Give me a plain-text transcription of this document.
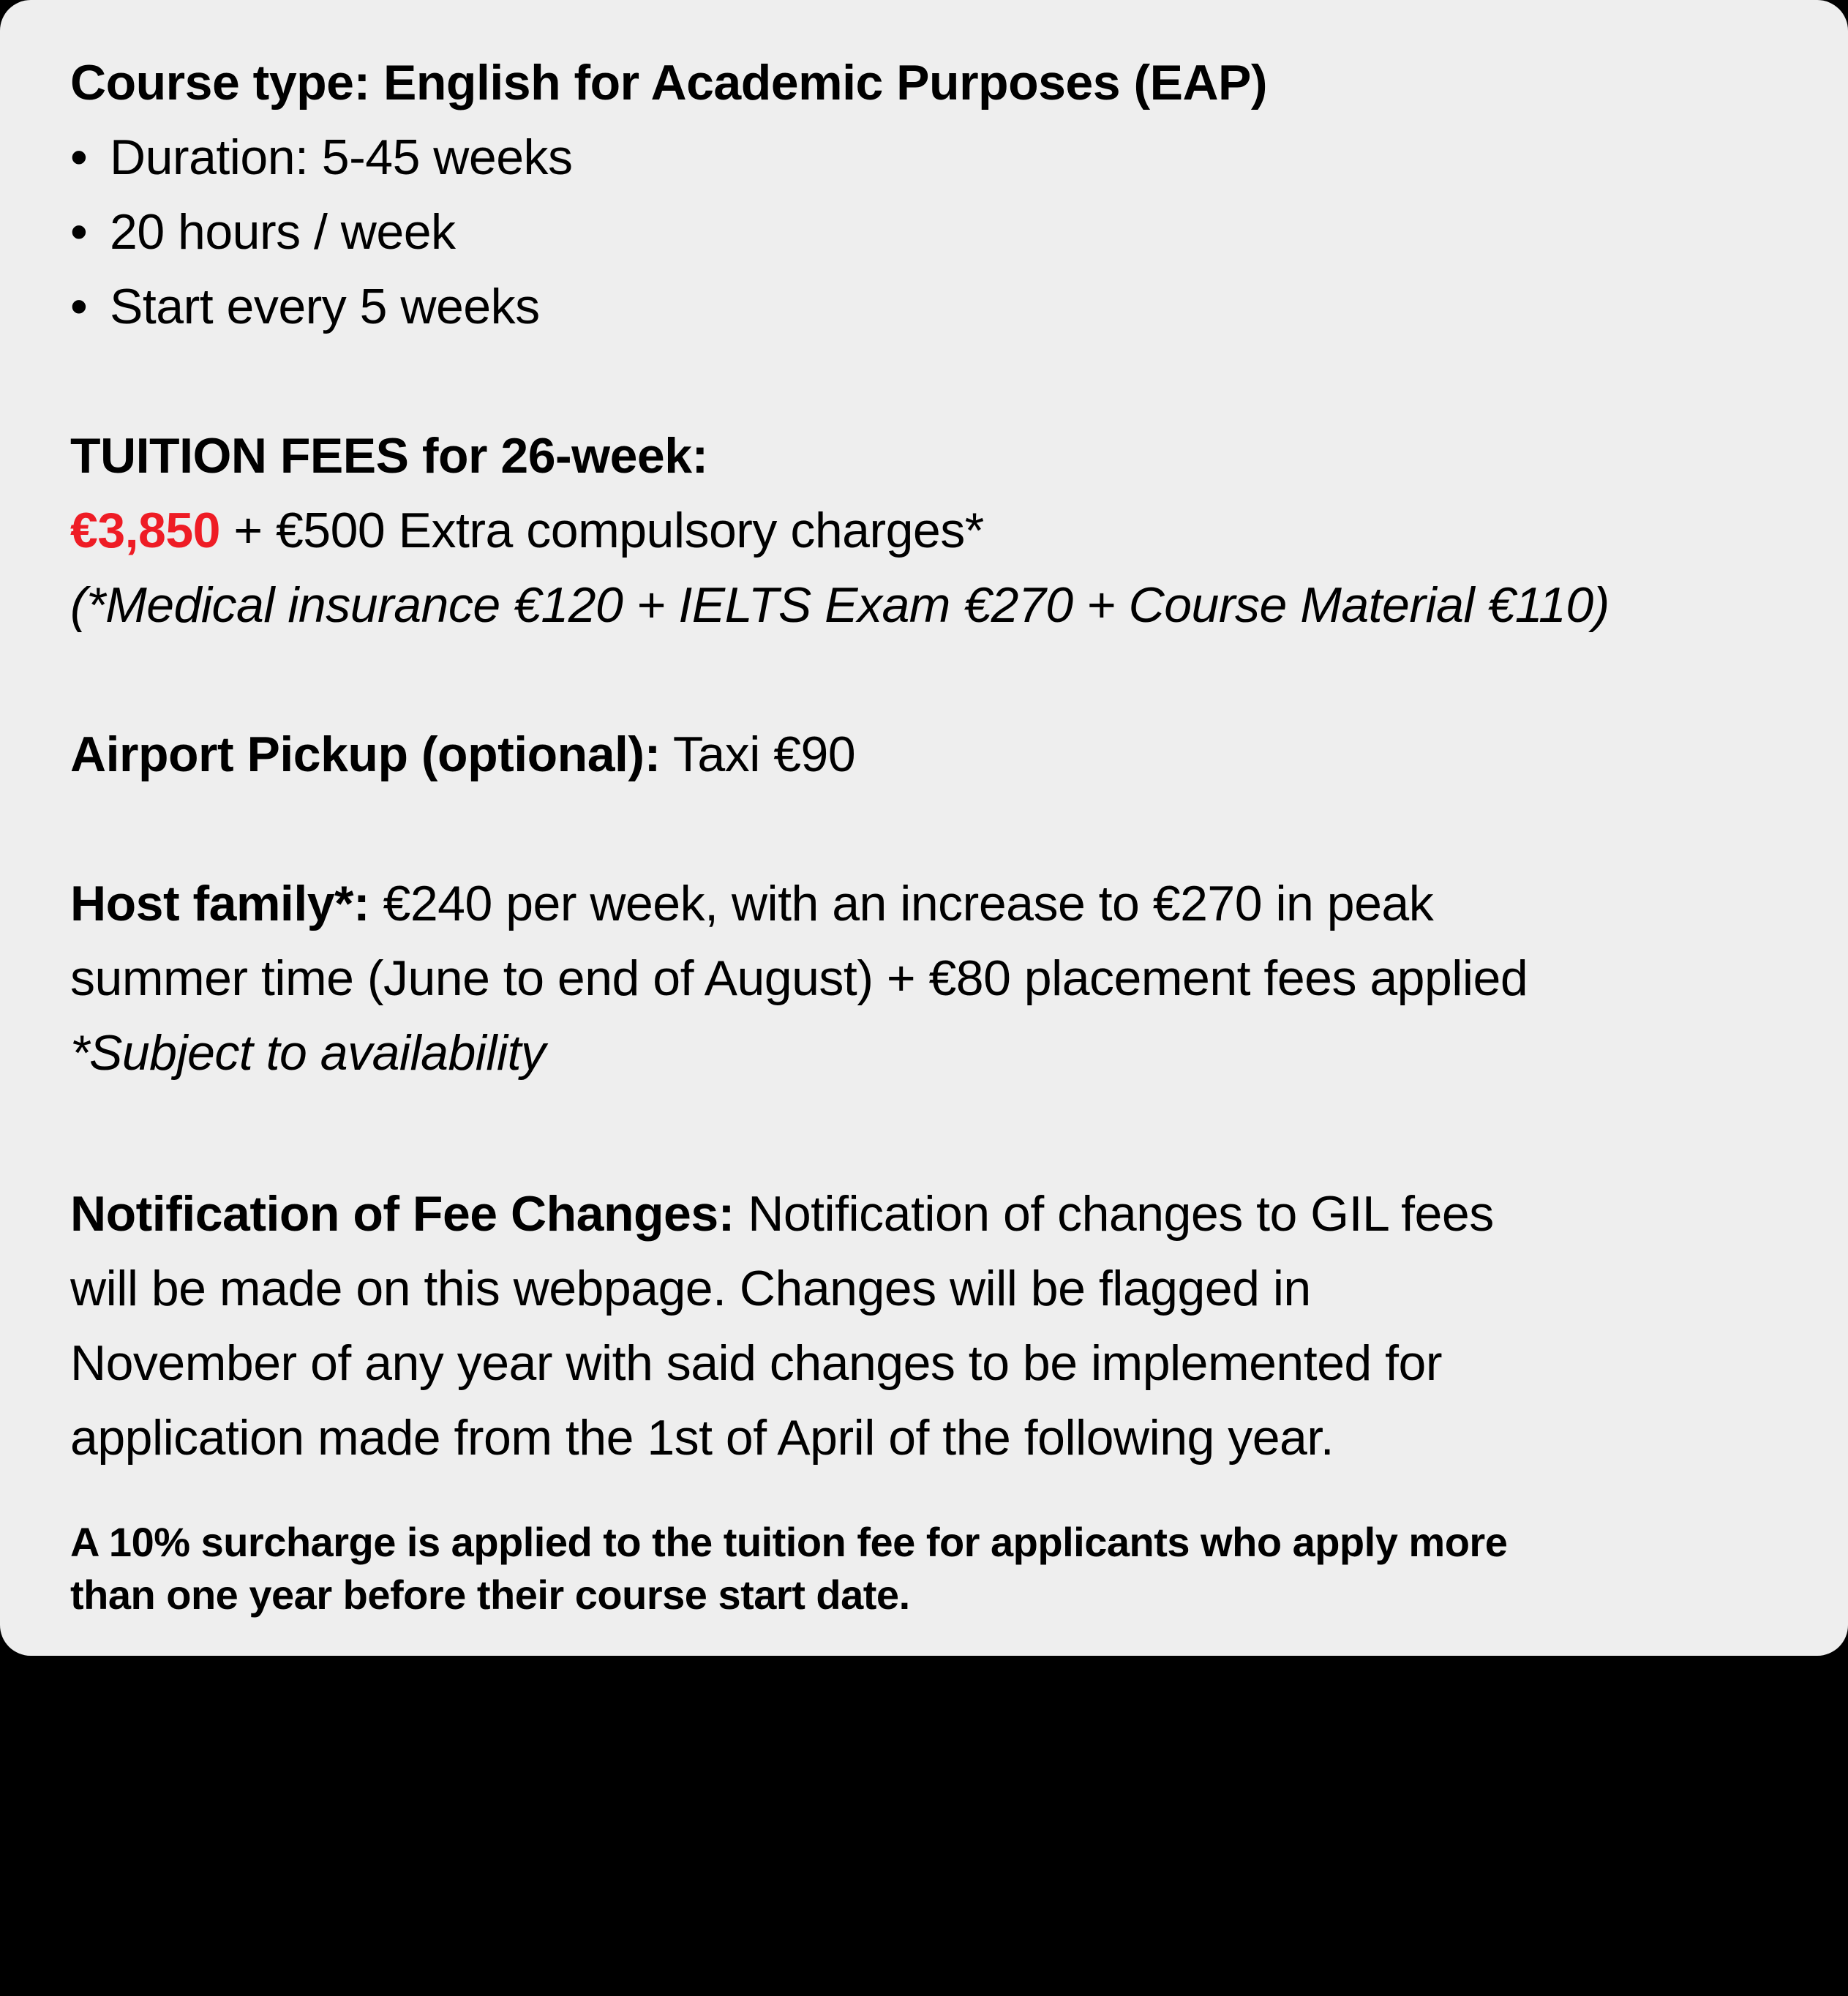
Course type: English for Academic Purposes (EAP)
• Duration: 5-45 weeks
• 20 hours / week
• Start every 5 weeks
TUITION FEES for 26-week:
€3,850 + €500 Extra compulsory charges*
(*Medical insurance €120 + IELTS Exam €270 + Course Material €110)
Airport Pickup (optional): Taxi €90
Host family*: €240 per week, with an increase to €270 in peak
summer time (June to end of August) + €80 placement fees applied
*Subject to availability
Notification of Fee Changes: Notification of changes to GIL fees
will be made on this webpage. Changes will be flagged in
November of any year with said changes to be implemented for
application made from the 1st of April of the following year.
A 10% surcharge is applied to the tuition fee for applicants who apply more
than one year before their course start date.
